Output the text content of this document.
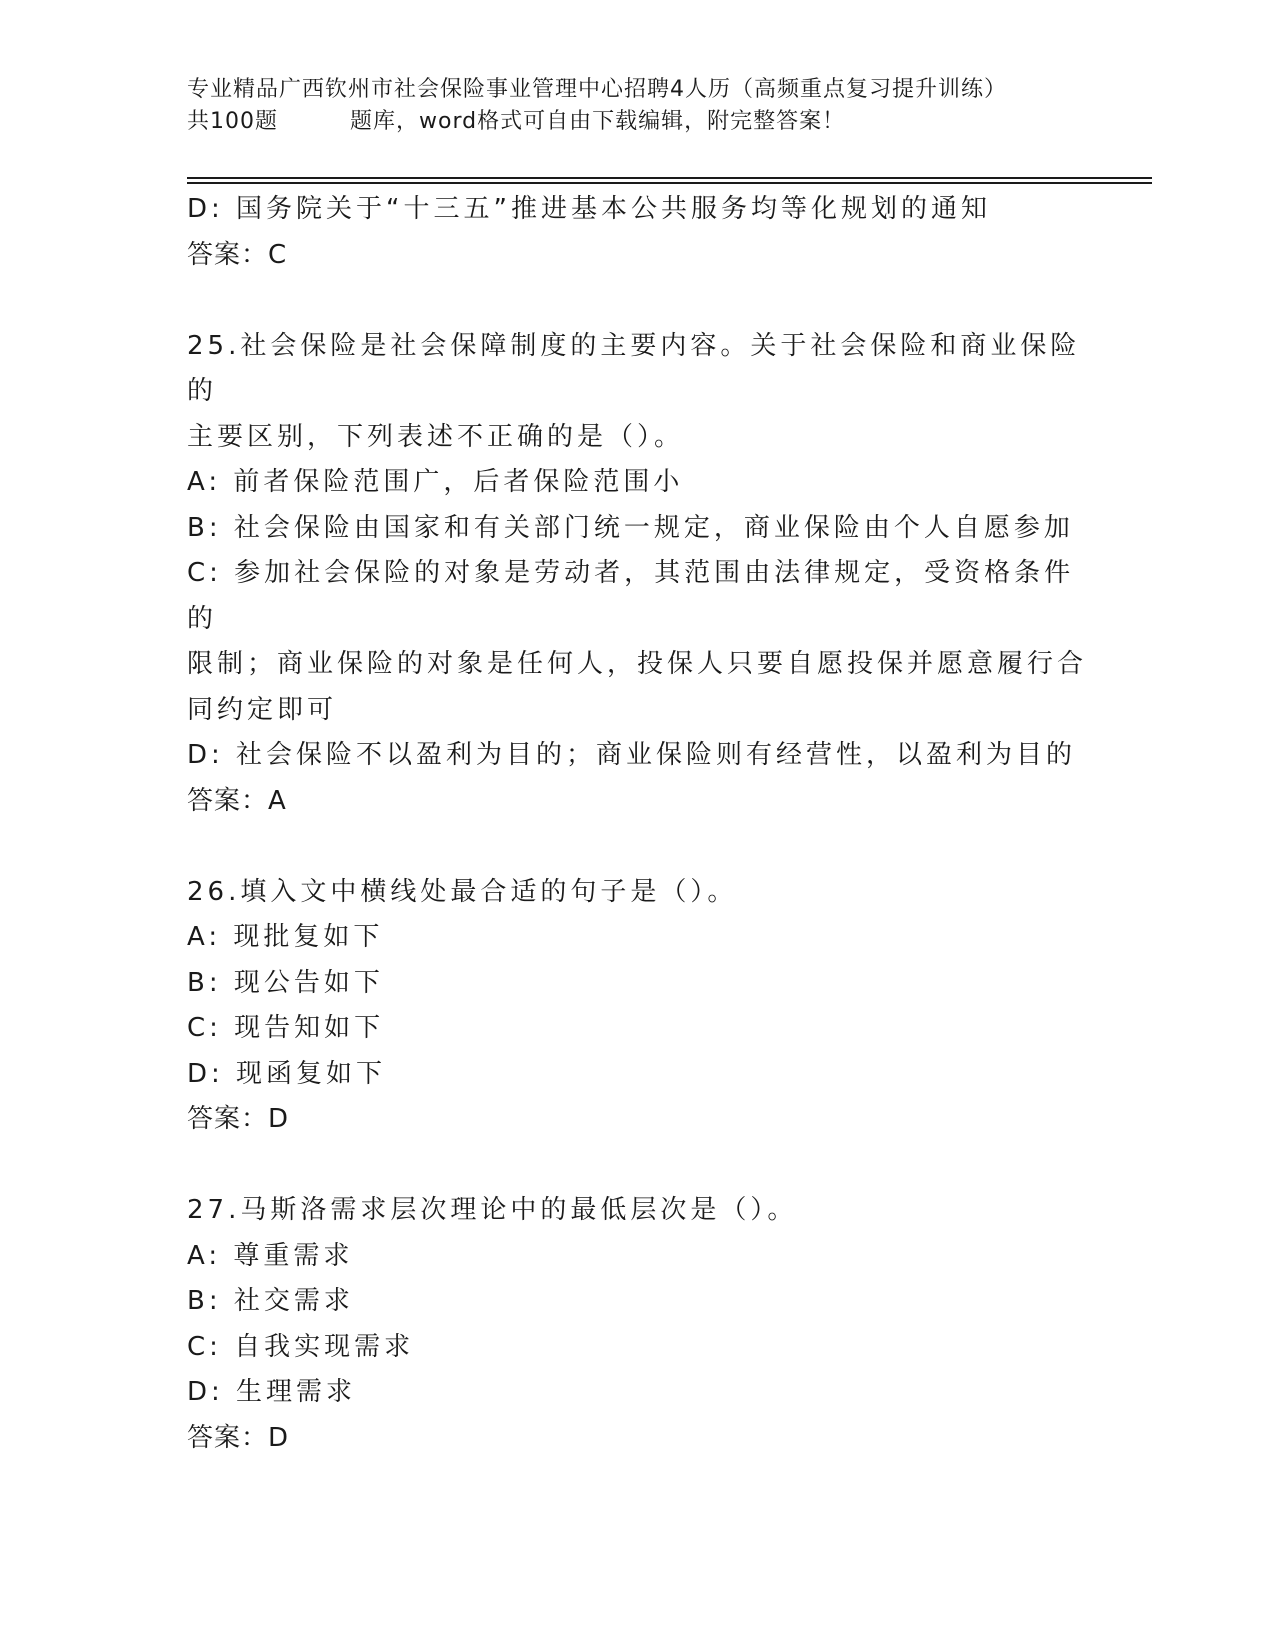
专业精品广西钦州市社会保险事业管理中心招聘4人历（高频重点复习提升训练）
共100题	题库，word格式可自由下载编辑，附完整答案！

D: 国务院关于“十三五”推进基本公共服务均等化规划的通知

答案：C

25.社会保险是社会保障制度的主要内容。关于社会保险和商业保险的

主要区别，下列表述不正确的是（）。

A: 前者保险范围广，后者保险范围小

B: 社会保险由国家和有关部门统一规定，商业保险由个人自愿参加

C: 参加社会保险的对象是劳动者，其范围由法律规定，受资格条件的

限制；商业保险的对象是任何人，投保人只要自愿投保并愿意履行合

同约定即可

D: 社会保险不以盈利为目的；商业保险则有经营性，以盈利为目的

答案：A

26.填入文中横线处最合适的句子是（）。

A: 现批复如下

B: 现公告如下

C: 现告知如下

D: 现函复如下

答案：D

27.马斯洛需求层次理论中的最低层次是（）。

A: 尊重需求

B: 社交需求

C: 自我实现需求

D: 生理需求

答案：D
